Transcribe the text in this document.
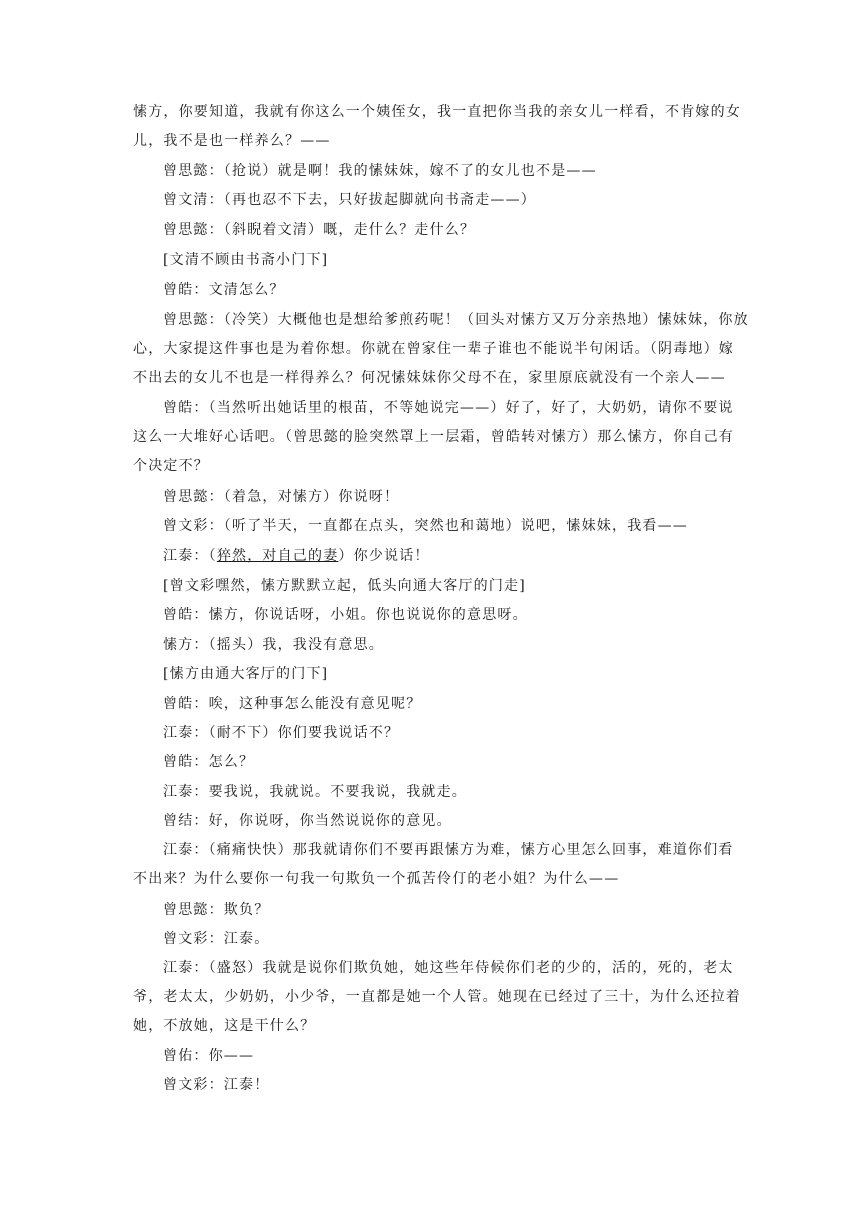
愫方，你要知道，我就有你这么一个姨侄女，我一直把你当我的亲女儿一样看，不肯嫁的女
儿，我不是也一样养么？——
曾思懿：（抢说）就是啊！我的愫妹妹，嫁不了的女儿也不是——
曾文清：（再也忍不下去，只好拔起脚就向书斋走——）
曾思懿：（斜睨着文清）嘅，走什么？走什么？
[文清不顾由书斋小门下]
曾皓：文清怎么？
曾思懿：（冷笑）大概他也是想给爹煎药呢！（回头对愫方又万分亲热地）愫妹妹，你放
心，大家提这件事也是为着你想。你就在曾家住一辈子谁也不能说半句闲话。（阴毒地）嫁
不出去的女儿不也是一样得养么？何况愫妹妹你父母不在，家里原底就没有一个亲人——
曾皓：（当然听出她话里的根苗，不等她说完——）好了，好了，大奶奶，请你不要说
这么一大堆好心话吧。（曾思懿的脸突然罩上一层霜，曾皓转对愫方）那么愫方，你自己有
个决定不？
曾思懿：（着急，对愫方）你说呀！
曾文彩：（听了半天，一直都在点头，突然也和蔼地）说吧，愫妹妹，我看——
江泰：（猝然，对自己的妻）你少说话！
[曾文彩嘿然，愫方默默立起，低头向通大客厅的门走]
曾皓：愫方，你说话呀，小姐。你也说说你的意思呀。
愫方：（摇头）我，我没有意思。
[愫方由通大客厅的门下]
曾皓：唉，这种事怎么能没有意见呢？
江泰：（耐不下）你们要我说话不？
曾皓：怎么？
江泰：要我说，我就说。不要我说，我就走。
曾结：好，你说呀，你当然说说你的意见。
江泰：（痛痛快快）那我就请你们不要再跟愫方为难，愫方心里怎么回事，难道你们看
不出来？为什么要你一句我一句欺负一个孤苦伶仃的老小姐？为什么——
曾思懿：欺负？
曾文彩：江泰。
江泰：（盛怒）我就是说你们欺负她，她这些年侍候你们老的少的，活的，死的，老太
爷，老太太，少奶奶，小少爷，一直都是她一个人管。她现在已经过了三十，为什么还拉着
她，不放她，这是干什么？
曾佑：你——
曾文彩：江泰！
